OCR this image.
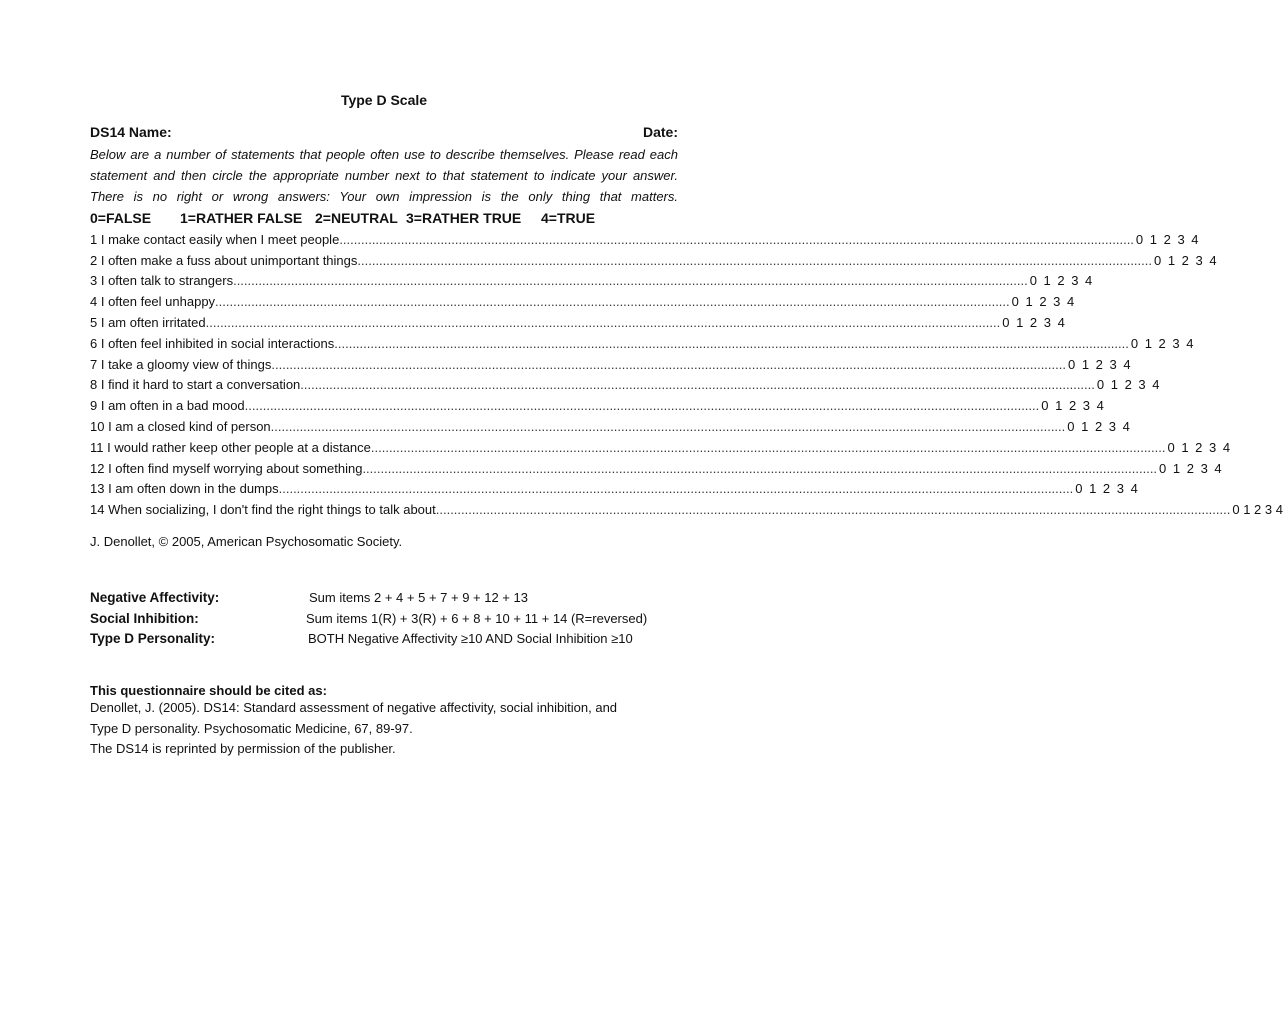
Type D Scale
DS14 Name:	Date:
Below are a number of statements that people often use to describe themselves. Please read each statement and then circle the appropriate number next to that statement to indicate your answer. There is no right or wrong answers: Your own impression is the only thing that matters.
0=FALSE	1=RATHER FALSE 2=NEUTRAL 3=RATHER TRUE	4=TRUE
1 I make contact easily when I meet people ............................................................................................................................................................................................................................ 0 1 2 3 4
2 I often make a fuss about unimportant things ............................................................................................................................................................................................................................ 0 1 2 3 4
3 I often talk to strangers ............................................................................................................................................................................................................................ 0 1 2 3 4
4 I often feel unhappy ............................................................................................................................................................................................................................ 0 1 2 3 4
5 I am often irritated ............................................................................................................................................................................................................................ 0 1 2 3 4
6 I often feel inhibited in social interactions ............................................................................................................................................................................................................................ 0 1 2 3 4
7 I take a gloomy view of things ............................................................................................................................................................................................................................ 0 1 2 3 4
8 I find it hard to start a conversation ............................................................................................................................................................................................................................ 0 1 2 3 4
9 I am often in a bad mood ............................................................................................................................................................................................................................ 0 1 2 3 4
10 I am a closed kind of person ............................................................................................................................................................................................................................ 0 1 2 3 4
11 I would rather keep other people at a distance ............................................................................................................................................................................................................................ 0 1 2 3 4
12 I often find myself worrying about something ............................................................................................................................................................................................................................ 0 1 2 3 4
13 I am often down in the dumps ............................................................................................................................................................................................................................ 0 1 2 3 4
14 When socializing, I don't find the right things to talk about ............................................................................................................................................................................................................................ 0 1 2 3 4
J. Denollet, © 2005, American Psychosomatic Society.
Negative Affectivity:	Sum items 2 + 4 + 5 + 7 + 9 + 12 + 13
Social Inhibition:	Sum items 1(R) + 3(R) + 6 + 8 + 10 + 11 + 14 (R=reversed)
Type D Personality:	BOTH Negative Affectivity ≥10 AND Social Inhibition ≥10
This questionnaire should be cited as:
Denollet, J. (2005). DS14: Standard assessment of negative affectivity, social inhibition, and
Type D personality. Psychosomatic Medicine, 67, 89-97.
The DS14 is reprinted by permission of the publisher.
